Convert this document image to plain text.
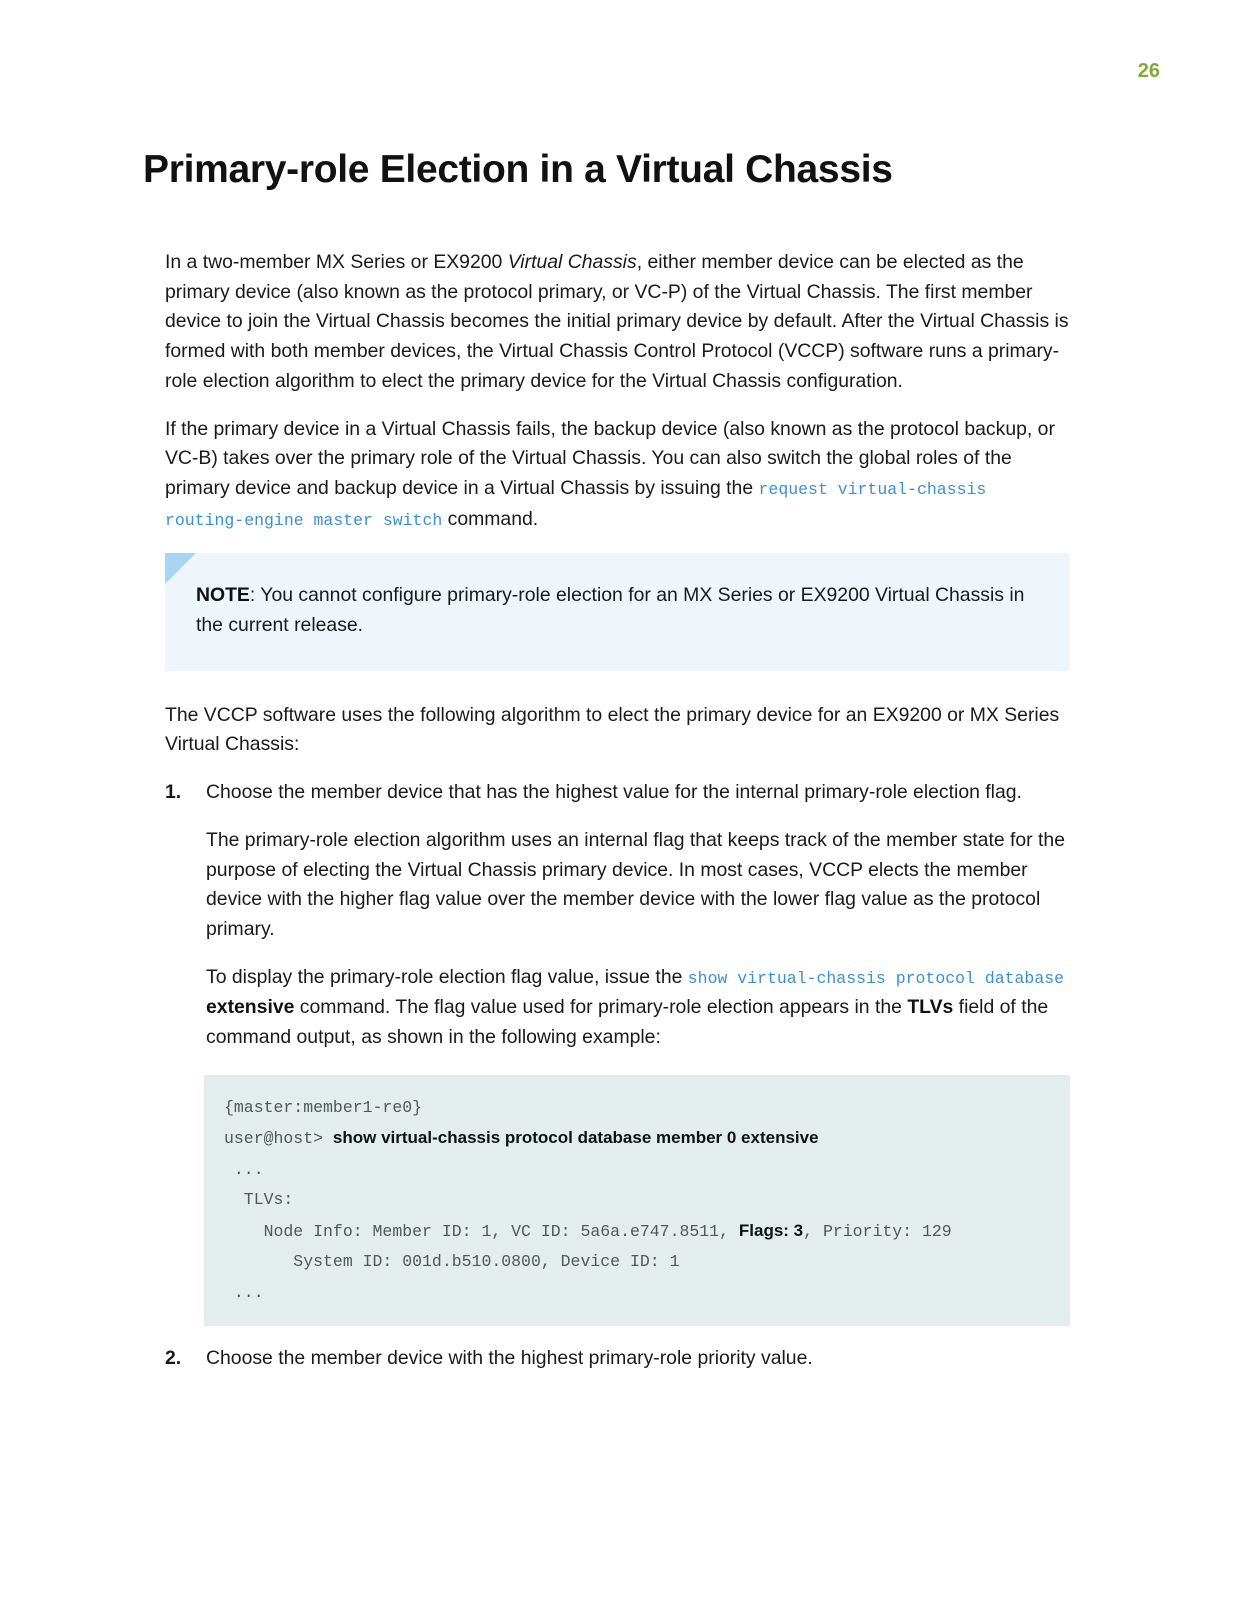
26
Primary-role Election in a Virtual Chassis

In a two-member MX Series or EX9200 Virtual Chassis, either member device can be elected as the primary device (also known as the protocol primary, or VC-P) of the Virtual Chassis. The first member device to join the Virtual Chassis becomes the initial primary device by default. After the Virtual Chassis is formed with both member devices, the Virtual Chassis Control Protocol (VCCP) software runs a primary-role election algorithm to elect the primary device for the Virtual Chassis configuration.

If the primary device in a Virtual Chassis fails, the backup device (also known as the protocol backup, or VC-B) takes over the primary role of the Virtual Chassis. You can also switch the global roles of the primary device and backup device in a Virtual Chassis by issuing the request virtual-chassis routing-engine master switch command.

NOTE: You cannot configure primary-role election for an MX Series or EX9200 Virtual Chassis in the current release.

The VCCP software uses the following algorithm to elect the primary device for an EX9200 or MX Series Virtual Chassis:

1. Choose the member device that has the highest value for the internal primary-role election flag.

The primary-role election algorithm uses an internal flag that keeps track of the member state for the purpose of electing the Virtual Chassis primary device. In most cases, VCCP elects the member device with the higher flag value over the member device with the lower flag value as the protocol primary.

To display the primary-role election flag value, issue the show virtual-chassis protocol database extensive command. The flag value used for primary-role election appears in the TLVs field of the command output, as shown in the following example:

{master:member1-re0}
user@host> show virtual-chassis protocol database member 0 extensive
...
TLVs:
Node Info: Member ID: 1, VC ID: 5a6a.e747.8511, Flags: 3, Priority: 129
System ID: 001d.b510.0800, Device ID: 1
...
2. Choose the member device with the highest primary-role priority value.
